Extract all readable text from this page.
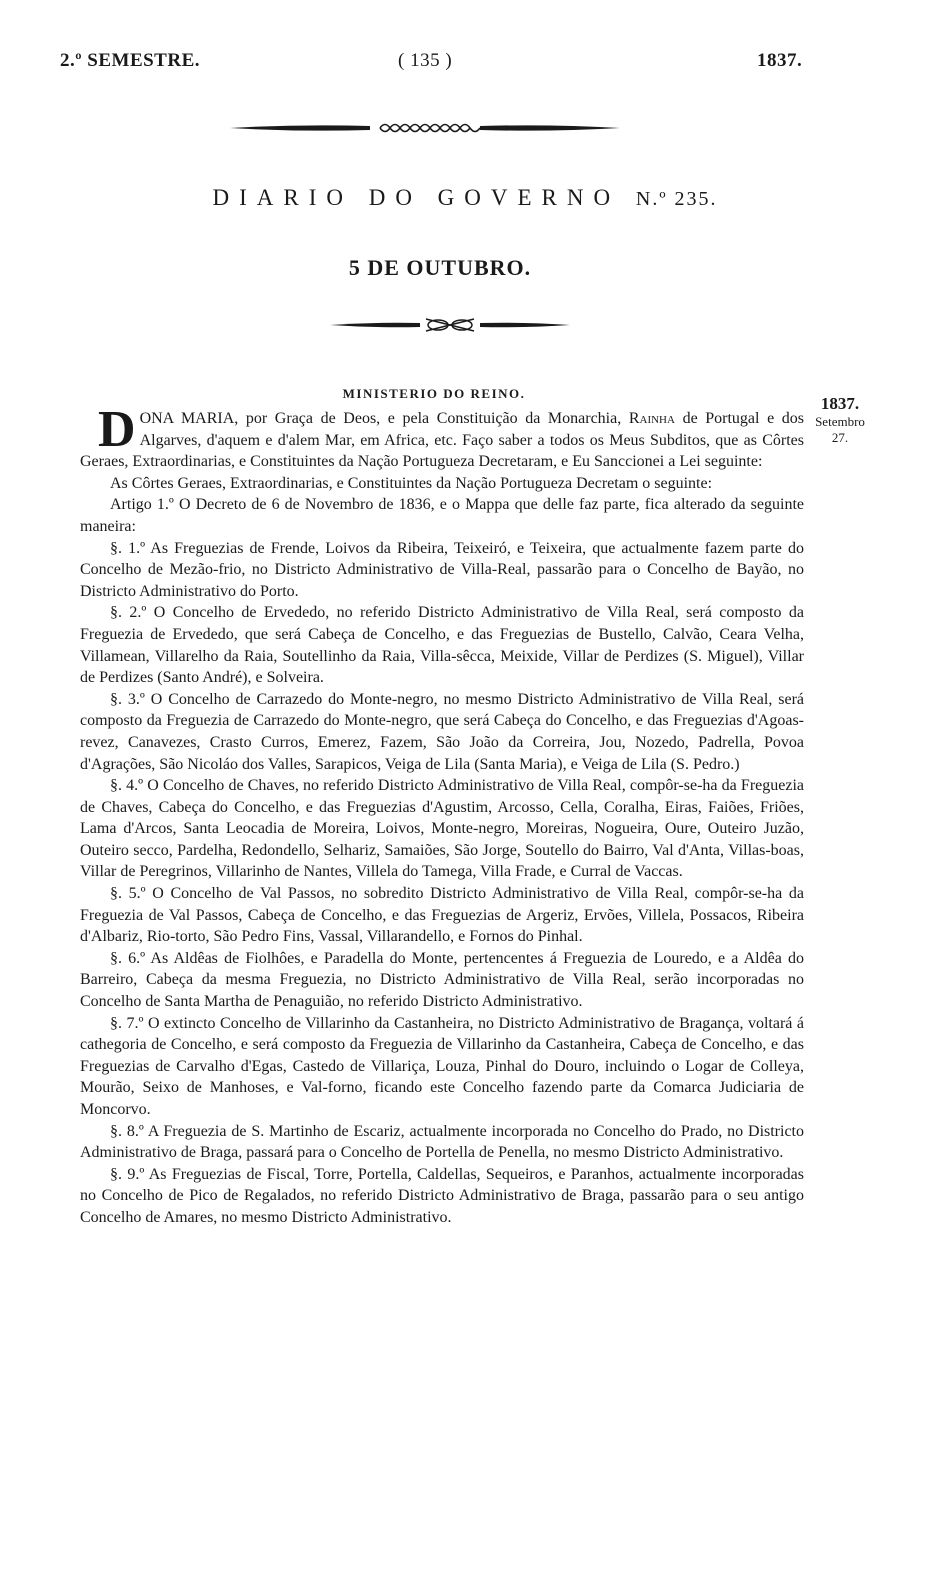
2.º SEMESTRE.	( 135 )	1837.
DIARIO DO GOVERNO N.º 235.
5 DE OUTUBRO.
MINISTERIO DO REINO.
1837.
Setembro
27.

DONA MARIA, por Graça de Deos, e pela Constituição da Monarchia, Rainha de Portugal e dos Algarves, d'aquem e d'alem Mar, em Africa, etc. Faço saber a todos os Meus Subditos, que as Côrtes Geraes, Extraordinarias, e Constituintes da Nação Portugueza Decretaram, e Eu Sanccionei a Lei seguinte:

As Côrtes Geraes, Extraordinarias, e Constituintes da Nação Portugueza Decretam o seguinte:

Artigo 1.º O Decreto de 6 de Novembro de 1836, e o Mappa que delle faz parte, fica alterado da seguinte maneira:

§. 1.º As Freguezias de Frende, Loivos da Ribeira, Teixeiró, e Teixeira, que actualmente fazem parte do Concelho de Mezão-frio, no Districto Administrativo de Villa-Real, passarão para o Concelho de Bayão, no Districto Administrativo do Porto.

§. 2.º O Concelho de Ervededo, no referido Districto Administrativo de Villa Real, será composto da Freguezia de Ervededo, que será Cabeça de Concelho, e das Freguezias de Bustello, Calvão, Ceara Velha, Villamean, Villarelho da Raia, Soutellinho da Raia, Villa-sêcca, Meixide, Villar de Perdizes (S. Miguel), Villar de Perdizes (Santo André), e Solveira.

§. 3.º O Concelho de Carrazedo do Monte-negro, no mesmo Districto Administrativo de Villa Real, será composto da Freguezia de Carrazedo do Monte-negro, que será Cabeça do Concelho, e das Freguezias d'Agoas-revez, Canavezes, Crasto Curros, Emerez, Fazem, São João da Correira, Jou, Nozedo, Padrella, Povoa d'Agrações, São Nicoláo dos Valles, Sarapicos, Veiga de Lila (Santa Maria), e Veiga de Lila (S. Pedro.)

§. 4.º O Concelho de Chaves, no referido Districto Administrativo de Villa Real, compôr-se-ha da Freguezia de Chaves, Cabeça do Concelho, e das Freguezias d'Agustim, Arcosso, Cella, Coralha, Eiras, Faiões, Friões, Lama d'Arcos, Santa Leocadia de Moreira, Loivos, Monte-negro, Moreiras, Nogueira, Oure, Outeiro Juzão, Outeiro secco, Pardelha, Redondello, Selhariz, Samaiões, São Jorge, Soutello do Bairro, Val d'Anta, Villas-boas, Villar de Peregrinos, Villarinho de Nantes, Villela do Tamega, Villa Frade, e Curral de Vaccas.

§. 5.º O Concelho de Val Passos, no sobredito Districto Administrativo de Villa Real, compôr-se-ha da Freguezia de Val Passos, Cabeça de Concelho, e das Freguezias de Argeriz, Ervões, Villela, Possacos, Ribeira d'Albariz, Rio-torto, São Pedro Fins, Vassal, Villarandello, e Fornos do Pinhal.

§. 6.º As Aldêas de Fiolhôes, e Paradella do Monte, pertencentes á Freguezia de Louredo, e a Aldêa do Barreiro, Cabeça da mesma Freguezia, no Districto Administrativo de Villa Real, serão incorporadas no Concelho de Santa Martha de Penaguião, no referido Districto Administrativo.

§. 7.º O extincto Concelho de Villarinho da Castanheira, no Districto Administrativo de Bragança, voltará á cathegoria de Concelho, e será composto da Freguezia de Villarinho da Castanheira, Cabeça de Concelho, e das Freguezias de Carvalho d'Egas, Castedo de Villariça, Louza, Pinhal do Douro, incluindo o Logar de Colleya, Mourão, Seixo de Manhoses, e Val-forno, ficando este Concelho fazendo parte da Comarca Judiciaria de Moncorvo.

§. 8.º A Freguezia de S. Martinho de Escariz, actualmente incorporada no Concelho do Prado, no Districto Administrativo de Braga, passará para o Concelho de Portella de Penella, no mesmo Districto Administrativo.

§. 9.º As Freguezias de Fiscal, Torre, Portella, Caldellas, Sequeiros, e Paranhos, actualmente incorporadas no Concelho de Pico de Regalados, no referido Districto Administrativo de Braga, passarão para o seu antigo Concelho de Amares, no mesmo Districto Administrativo.
